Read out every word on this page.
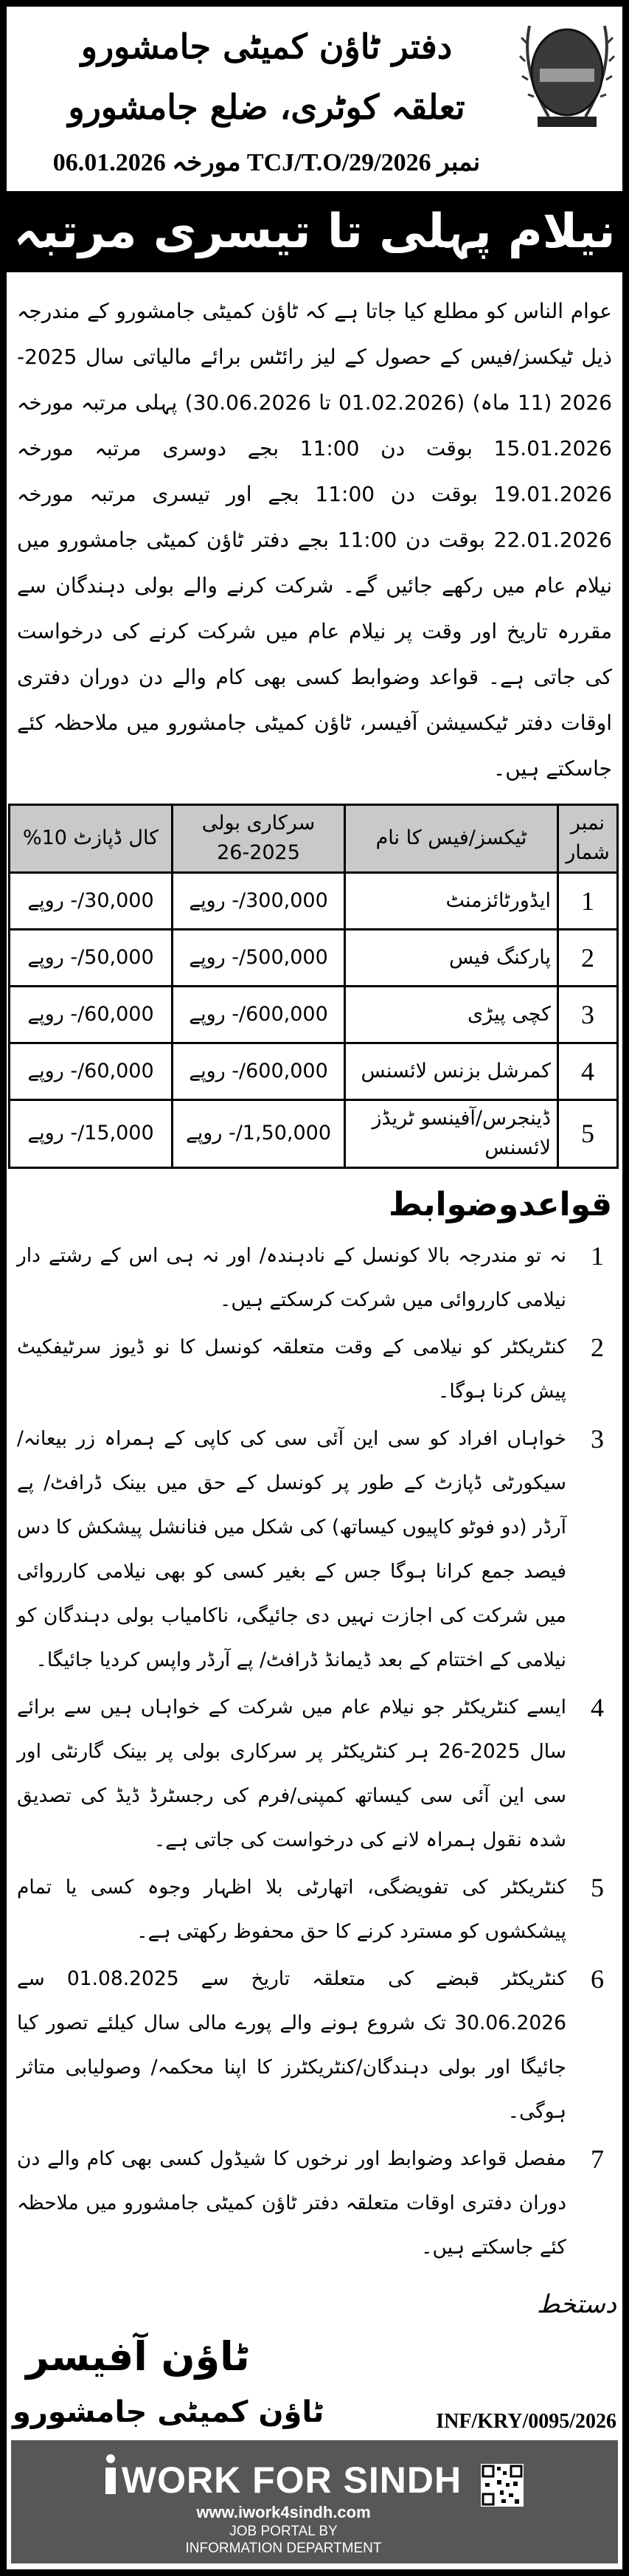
دفتر ٹاؤن کمیٹی جامشورو
تعلقہ کوٹری، ضلع جامشورو
نمبر TCJ/T.O/29/2026 مورخہ 06.01.2026
نیلام پہلی تا تیسری مرتبہ
عوام الناس کو مطلع کیا جاتا ہے کہ ٹاؤن کمیٹی جامشورو کے مندرجہ ذیل ٹیکسز/فیس کے حصول کے لیز رائٹس برائے مالیاتی سال 2025-2026 (11 ماہ) (01.02.2026 تا 30.06.2026) پہلی مرتبہ مورخہ 15.01.2026 بوقت دن 11:00 بجے دوسری مرتبہ مورخہ 19.01.2026 بوقت دن 11:00 بجے اور تیسری مرتبہ مورخہ 22.01.2026 بوقت دن 11:00 بجے دفتر ٹاؤن کمیٹی جامشورو میں نیلام عام میں رکھے جائیں گے۔ شرکت کرنے والے بولی دہندگان سے مقررہ تاریخ اور وقت پر نیلام عام میں شرکت کرنے کی درخواست کی جاتی ہے۔ قواعد وضوابط کسی بھی کام والے دن دوران دفتری اوقات دفتر ٹیکسیشن آفیسر، ٹاؤن کمیٹی جامشورو میں ملاحظہ کئے جاسکتے ہیں۔
نمبر شمار	ٹیکسز/فیس کا نام	سرکاری بولی 2025-26	کال ڈپازٹ 10%
1	ایڈورٹائزمنٹ	300,000/- روپے	30,000/- روپے
2	پارکنگ فیس	500,000/- روپے	50,000/- روپے
3	کچی پیڑی	600,000/- روپے	60,000/- روپے
4	کمرشل بزنس لائسنس	600,000/- روپے	60,000/- روپے
5	ڈینجرس/آفینسو ٹریڈز لائسنس	1,50,000/- روپے	15,000/- روپے
قواعدوضوابط
1
نہ تو مندرجہ بالا کونسل کے نادہندہ/ اور نہ ہی اس کے رشتے دار نیلامی کارروائی میں شرکت کرسکتے ہیں۔
2
کنٹریکٹر کو نیلامی کے وقت متعلقہ کونسل کا نو ڈیوز سرٹیفکیٹ پیش کرنا ہوگا۔
3
خواہاں افراد کو سی این آئی سی کی کاپی کے ہمراہ زر بیعانہ/سیکورٹی ڈپازٹ کے طور پر کونسل کے حق میں بینک ڈرافٹ/ پے آرڈر (دو فوٹو کاپیوں کیساتھ) کی شکل میں فنانشل پیشکش کا دس فیصد جمع کرانا ہوگا جس کے بغیر کسی کو بھی نیلامی کارروائی میں شرکت کی اجازت نہیں دی جائیگی، ناکامیاب بولی دہندگان کو نیلامی کے اختتام کے بعد ڈیمانڈ ڈرافٹ/ پے آرڈر واپس کردیا جائیگا۔
4
ایسے کنٹریکٹر جو نیلام عام میں شرکت کے خواہاں ہیں سے برائے سال 2025-26 ہر کنٹریکٹر پر سرکاری بولی پر بینک گارنٹی اور سی این آئی سی کیساتھ کمپنی/فرم کی رجسٹرڈ ڈیڈ کی تصدیق شدہ نقول ہمراہ لانے کی درخواست کی جاتی ہے۔
5
کنٹریکٹر کی تفویضگی، اتھارٹی بلا اظہار وجوہ کسی یا تمام پیشکشوں کو مسترد کرنے کا حق محفوظ رکھتی ہے۔
6
کنٹریکٹر قبضے کی متعلقہ تاریخ سے 01.08.2025 سے 30.06.2026 تک شروع ہونے والے پورے مالی سال کیلئے تصور کیا جائیگا اور بولی دہندگان/کنٹریکٹرز کا اپنا محکمہ/ وصولیابی متاثر ہوگی۔
7
مفصل قواعد وضوابط اور نرخوں کا شیڈول کسی بھی کام والے دن دوران دفتری اوقات متعلقہ دفتر ٹاؤن کمیٹی جامشورو میں ملاحظہ کئے جاسکتے ہیں۔
دستخط
ٹاؤن آفیسر
ٹاؤن کمیٹی جامشورو	INF/KRY/0095/2026
WORK FOR SINDH
www.iwork4sindh.com
JOB PORTAL BY
INFORMATION DEPARTMENT
